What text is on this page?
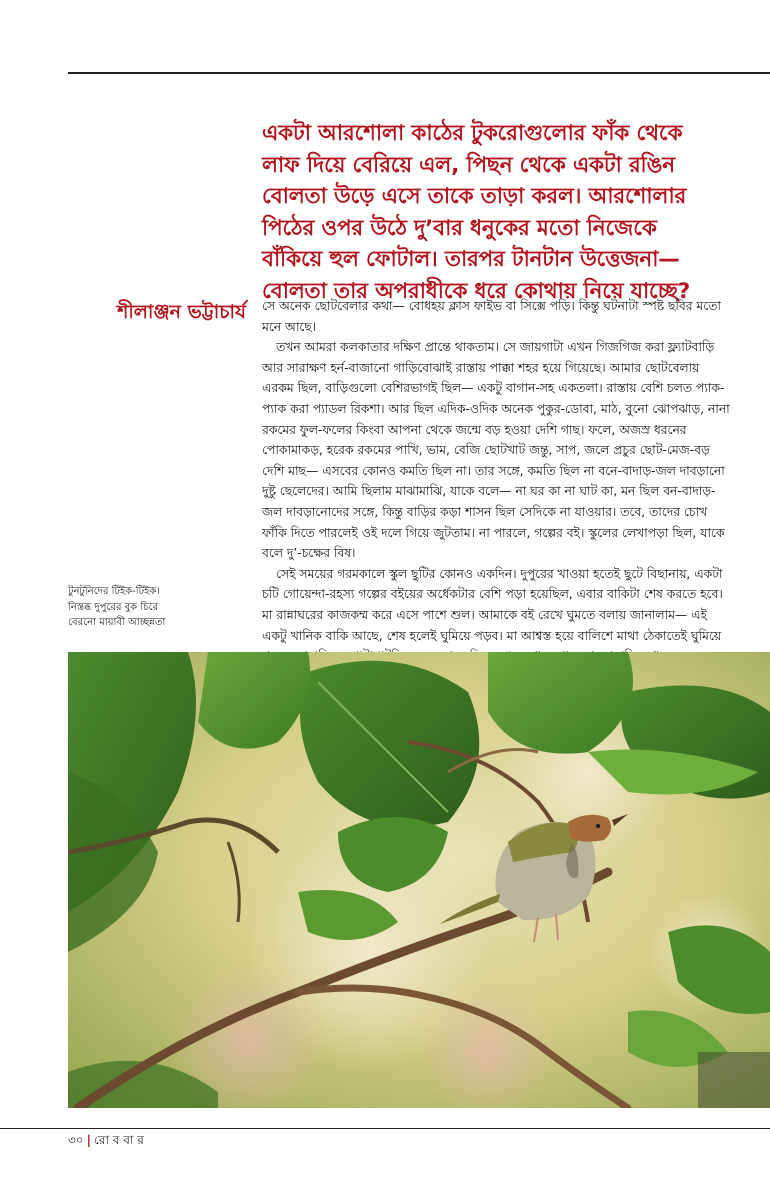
একটা আরশোলা কাঠের টুকরোগুলোর ফাঁক থেকে লাফ দিয়ে বেরিয়ে এল, পিছন থেকে একটা রঙিন বোলতা উড়ে এসে তাকে তাড়া করল। আরশোলার পিঠের ওপর উঠে দু’বার ধনুকের মতো নিজেকে বাঁকিয়ে হুল ফোটাল। তারপর টানটান উত্তেজনা— বোলতা তার অপরাধীকে ধরে কোথায় নিয়ে যাচ্ছে?
শীলাঞ্জন ভট্টাচার্য সে অনেক ছোটবেলার কথা— বোধহয় ক্লাস ফাইভ বা সিক্সে পড়ি। কিন্তু ঘটনাটা স্পষ্ট ছবির মতো মনে আছে।

তখন আমরা কলকাতার দক্ষিণ প্রান্তে থাকতাম। সে জায়গাটা এখন গিজগিজ করা ফ্ল্যাটবাড়ি আর সারাক্ষণ হর্ন-বাজানো গাড়িবোঝাই রাস্তায় পাক্কা শহর হয়ে গিয়েছে। আমার ছোটবেলায় এরকম ছিল, বাড়িগুলো বেশিরভাগই ছিল— একটু বাগান-সহ একতলা। রাস্তায় বেশি চলত প্যাক-প্যাক করা প্যাডল রিকশা। আর ছিল এদিক-ওদিক অনেক পুকুর-ডোবা, মাঠ, বুনো ঝোপঝাড়, নানা রকমের ফুল-ফলের কিংবা আপনা থেকে জন্মে বড় হওয়া দেশি গাছ। ফলে, অজস্র ধরনের পোকামাকড়, হরেক রকমের পাখি, ভাম, বেজি ছোটখাট জন্তু, সাপ, জলে প্রচুর ছোট-মেজ-বড় দেশি মাছ— এসবের কোনও কমতি ছিল না। তার সঙ্গে, কমতি ছিল না বনে-বাদাড়-জল দাবড়ানো দুষ্টু ছেলেদের। আমি ছিলাম মাঝামাঝি, যাকে বলে— না ঘর কা না ঘাট কা, মন ছিল বন-বাদাড়-জল দাবড়ানোদের সঙ্গে, কিন্তু বাড়ির কড়া শাসন ছিল সেদিকে না যাওয়ার। তবে, তাদের চোখ ফাঁকি দিতে পারলেই ওই দলে গিয়ে জুটতাম। না পারলে, গল্পের বই। স্কুলের লেখাপড়া ছিল, যাকে বলে দু’-চক্ষের বিষ।

সেই সময়ের গরমকালে স্কুল ছুটির কোনও একদিন। দুপুরের খাওয়া হতেই ছুটে বিছানায়, একটা চটি গোয়েন্দা-রহস্য গল্পের বইয়ের অর্ধেকটার বেশি পড়া হয়েছিল, এবার বাকিটা শেষ করতে হবে। মা রান্নাঘরের কাজকম্ম করে এসে পাশে শুল। আমাকে বই রেখে ঘুমতে বলায় জানালাম— এই একটু খানিক বাকি আছে, শেষ হলেই ঘুমিয়ে পড়ব। মা আশ্বস্ত হয়ে বালিশে মাথা ঠেকাতেই ঘুমিয়ে

টুনটুনিদের টিইক-টিইক।
নিস্তব্ধ দুপুরের বুক চিরে
বেরনো মায়াবী আচ্ছন্নতা
৩০ | রো ব বা র
